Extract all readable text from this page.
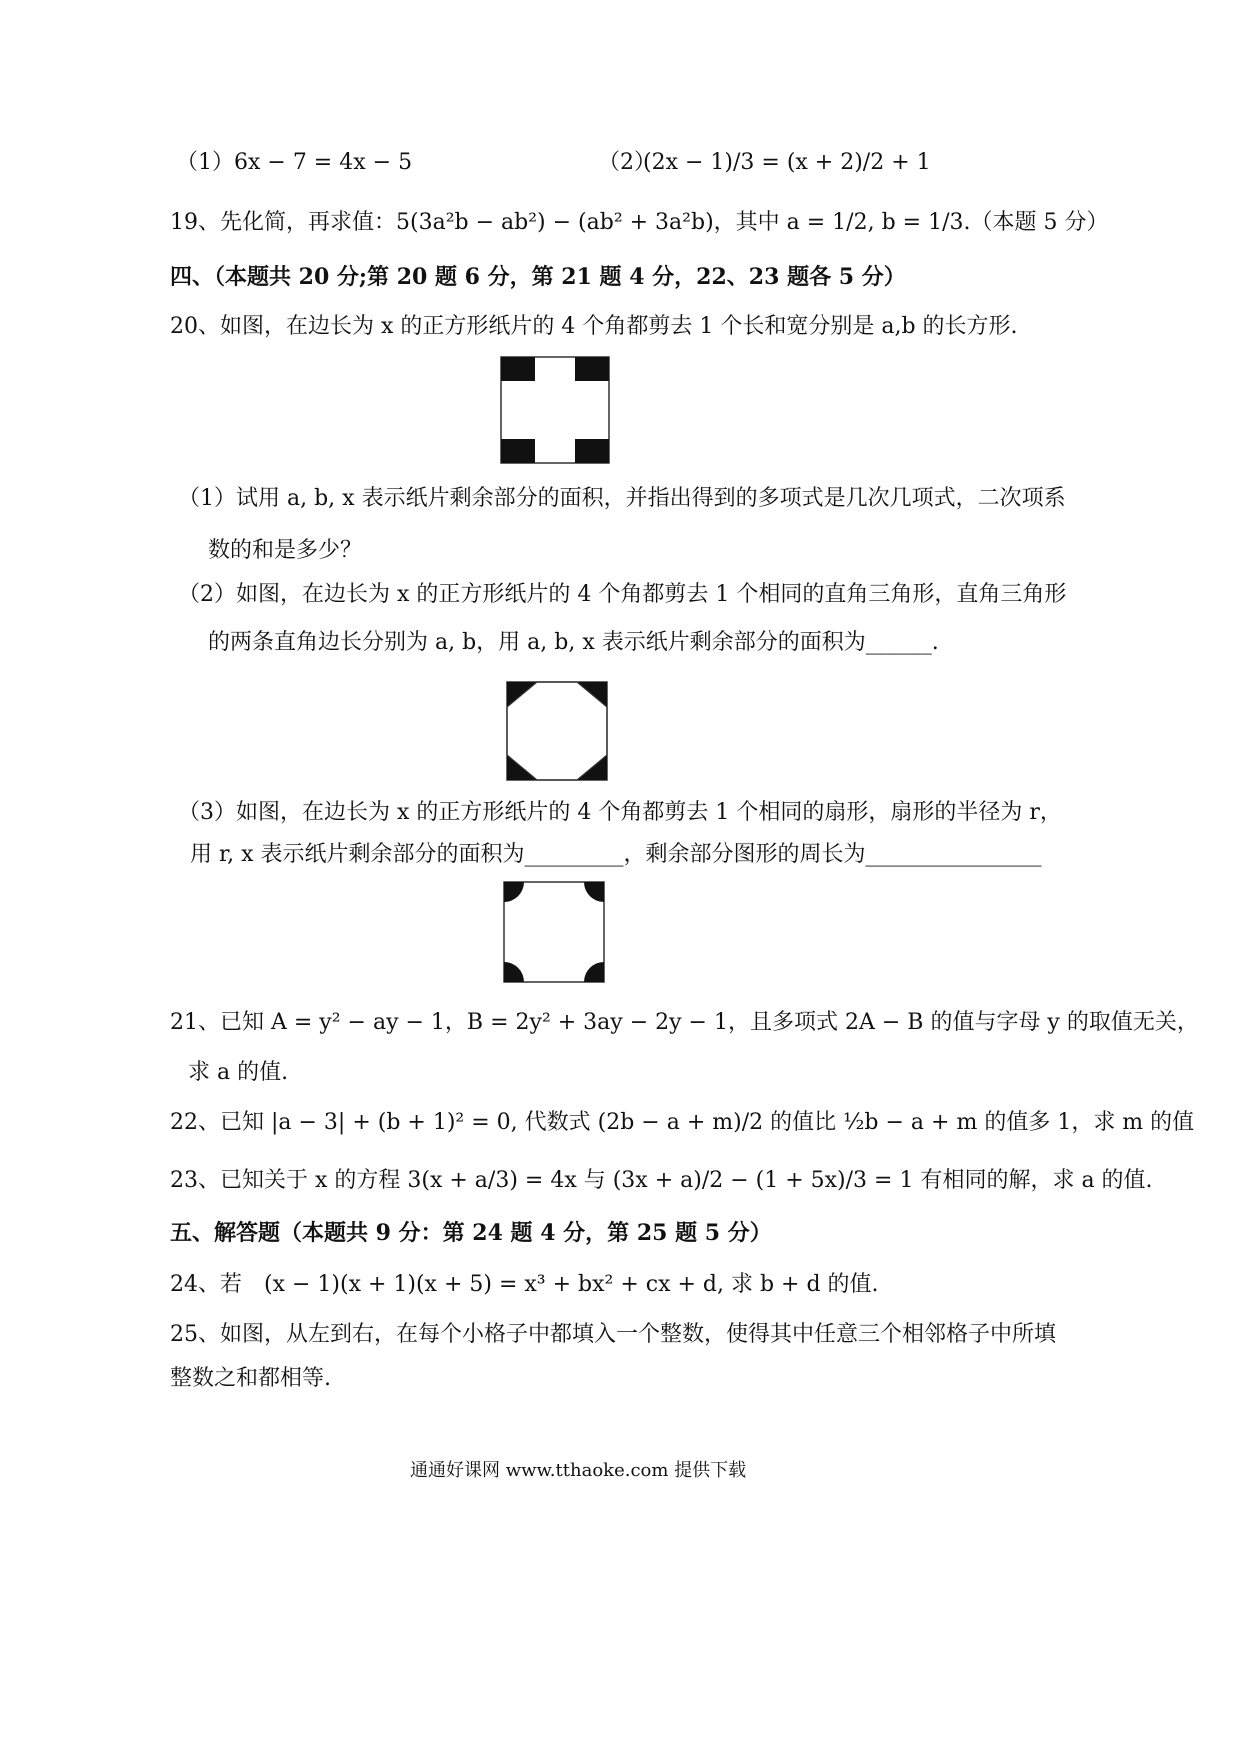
（1）6x − 7 = 4x − 5	（2）
(2x − 1)/3 = (x + 2)/2 + 1
19、先化简，再求值：5(3a²b − ab²) − (ab² + 3a²b)，其中 a = 1/2, b = 1/3.（本题 5 分）
四、（本题共 20 分;第 20 题 6 分，第 21 题 4 分，22、23 题各 5 分）
20、如图，在边长为 x 的正方形纸片的 4 个角都剪去 1 个长和宽分别是 a,b 的长方形.
（1）试用 a, b, x 表示纸片剩余部分的面积，并指出得到的多项式是几次几项式，二次项系
数的和是多少？
（2）如图，在边长为 x 的正方形纸片的 4 个角都剪去 1 个相同的直角三角形，直角三角形
的两条直角边长分别为 a, b，用 a, b, x 表示纸片剩余部分的面积为______.
（3）如图，在边长为 x 的正方形纸片的 4 个角都剪去 1 个相同的扇形，扇形的半径为 r，
用 r, x 表示纸片剩余部分的面积为_________，剩余部分图形的周长为________________
21、已知 A = y² − ay − 1，B = 2y² + 3ay − 2y − 1，且多项式 2A − B 的值与字母 y 的取值无关，
求 a 的值.
22、已知 |a − 3| + (b + 1)² = 0, 代数式 (2b − a + m)/2 的值比 ½b − a + m 的值多 1，求 m 的值
23、已知关于 x 的方程 3(x + a/3) = 4x 与 (3x + a)/2 − (1 + 5x)/3 = 1 有相同的解，求 a 的值.
五、解答题（本题共 9 分：第 24 题 4 分，第 25 题 5 分）
24、若　(x − 1)(x + 1)(x + 5) = x³ + bx² + cx + d, 求 b + d 的值.
25、如图，从左到右，在每个小格子中都填入一个整数，使得其中任意三个相邻格子中所填
整数之和都相等.
通通好课网 www.tthaoke.com 提供下载
